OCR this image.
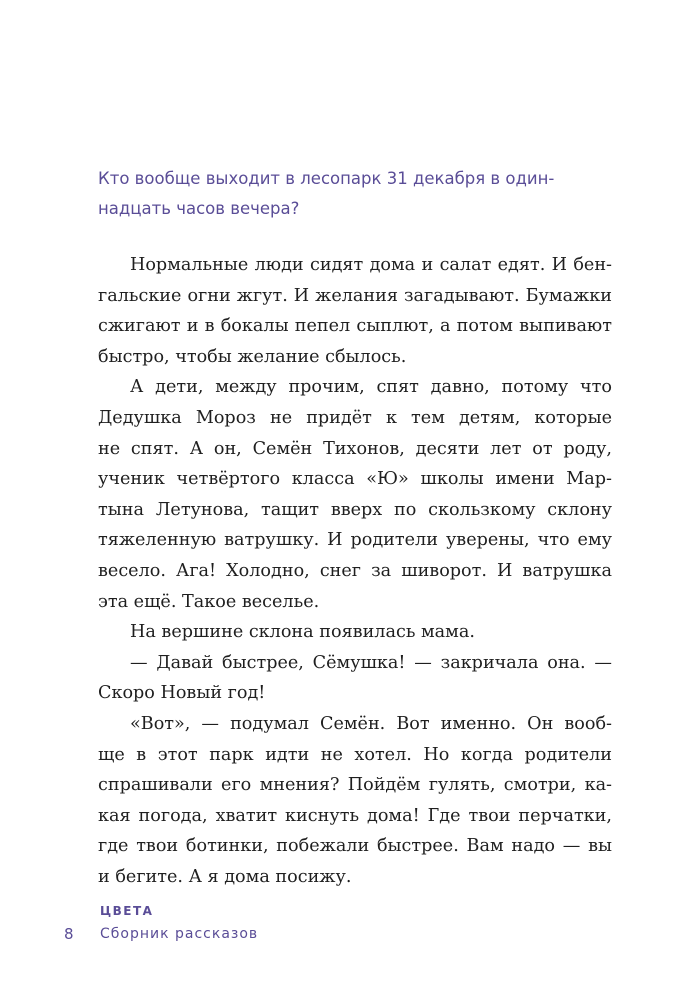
Кто вообще выходит в лесопарк 31 декабря в один-
надцать часов вечера?
Нормальные люди сидят дома и салат едят. И бен-
гальские огни жгут. И желания загадывают. Бумажки
сжигают и в бокалы пепел сыплют, а потом выпивают
быстро, чтобы желание сбылось.
А дети, между прочим, спят давно, потому что
Дедушка Мороз не придёт к тем детям, которые
не спят. А он, Семён Тихонов, десяти лет от роду,
ученик четвёртого класса «Ю» школы имени Мар-
тына Летунова, тащит вверх по скользкому склону
тяжеленную ватрушку. И родители уверены, что ему
весело. Ага! Холодно, снег за шиворот. И ватрушка
эта ещё. Такое веселье.
На вершине склона появилась мама.
— Давай быстрее, Сёмушка! — закричала она. —
Скоро Новый год!
«Вот», — подумал Семён. Вот именно. Он вооб-
ще в этот парк идти не хотел. Но когда родители
спрашивали его мнения? Пойдём гулять, смотри, ка-
кая погода, хватит киснуть дома! Где твои перчатки,
где твои ботинки, побежали быстрее. Вам надо — вы
и бегите. А я дома посижу.
8
ЦВЕТА
Сборник рассказов
